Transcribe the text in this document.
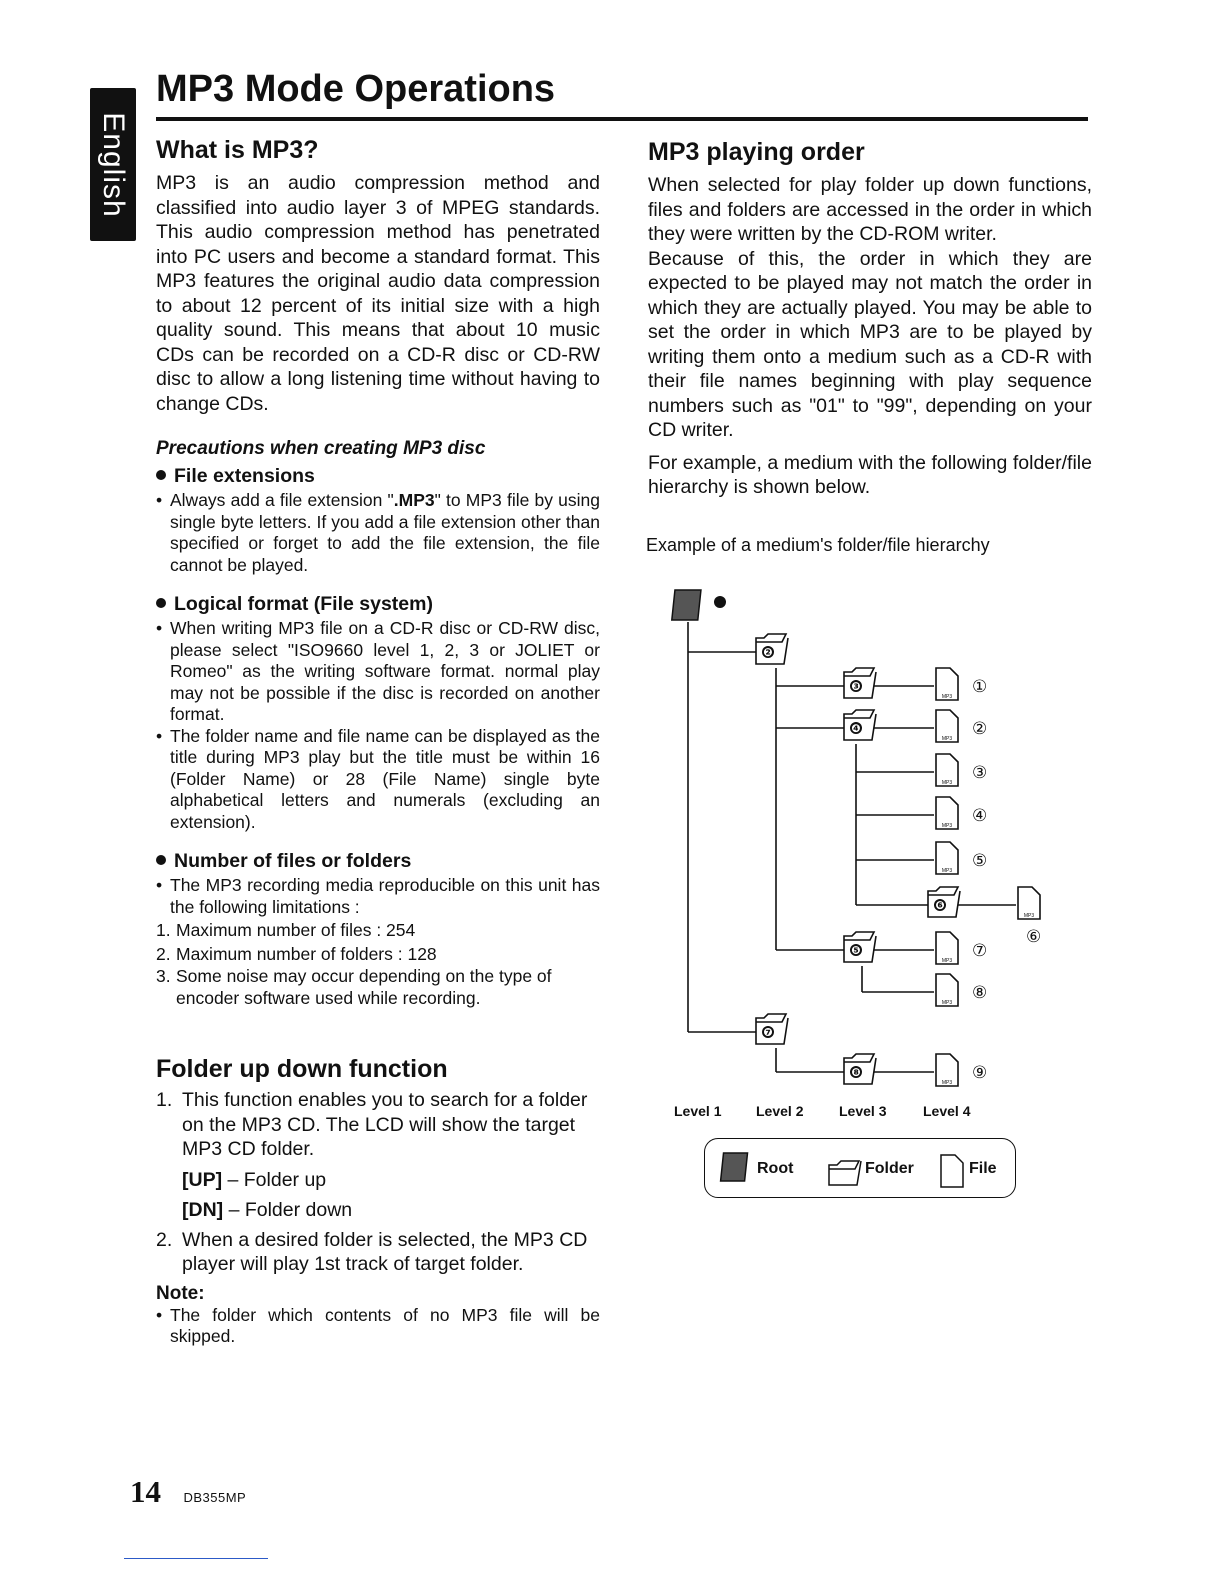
English
MP3 Mode Operations
What is MP3?

MP3 is an audio compression method and classified into audio layer 3 of MPEG standards. This audio compression method has penetrated into PC users and become a standard format. This MP3 features the original audio data compression to about 12 percent of its initial size with a high quality sound. This means that about 10 music CDs can be recorded on a CD-R disc or CD-RW disc to allow a long listening time without having to change CDs.

Precautions when creating MP3 disc
File extensions
• Always add a file extension ".MP3" to MP3 file by using single byte letters. If you add a file extension other than specified or forget to add the file extension, the file cannot be played.
Logical format (File system)
• When writing MP3 file on a CD-R disc or CD-RW disc, please select "ISO9660 level 1, 2, 3 or JOLIET or Romeo" as the writing software format. normal play may not be possible if the disc is recorded on another format.
• The folder name and file name can be displayed as the title during MP3 play but the title must be within 16 (Folder Name) or 28 (File Name) single byte alphabetical letters and numerals (excluding an extension).
Number of files or folders
• The MP3 recording media reproducible on this unit has the following limitations :
1. Maximum number of files : 254
2. Maximum number of folders : 128
3. Some noise may occur depending on the type of encoder software used while recording.
Folder up down function
1. This function enables you to search for a folder on the MP3 CD. The LCD will show the target MP3 CD folder.
[UP] – Folder up
[DN] – Folder down
2. When a desired folder is selected, the MP3 CD player will play 1st track of target folder.
Note:
• The folder which contents of no MP3 file will be skipped.
MP3 playing order

When selected for play folder up down functions, files and folders are accessed in the order in which they were written by the CD-ROM writer.

Because of this, the order in which they are expected to be played may not match the order in which they are actually played. You may be able to set the order in which MP3 are to be played by writing them onto a medium such as a CD-R with their file names beginning with play sequence numbers such as "01" to "99", depending on your CD writer.

For example, a medium with the following folder/file hierarchy is shown below.

Example of a medium's folder/file hierarchy
❷
❸
❹
❻
❺
❼
❽
MP3
MP3
MP3
MP3
MP3
MP3
MP3
MP3
MP3
①
②
③
④
⑤
⑥
⑦
⑧
⑨
Level 1 Level 2	Level 3	Level 4
Root	Folder	File
14 DB355MP
